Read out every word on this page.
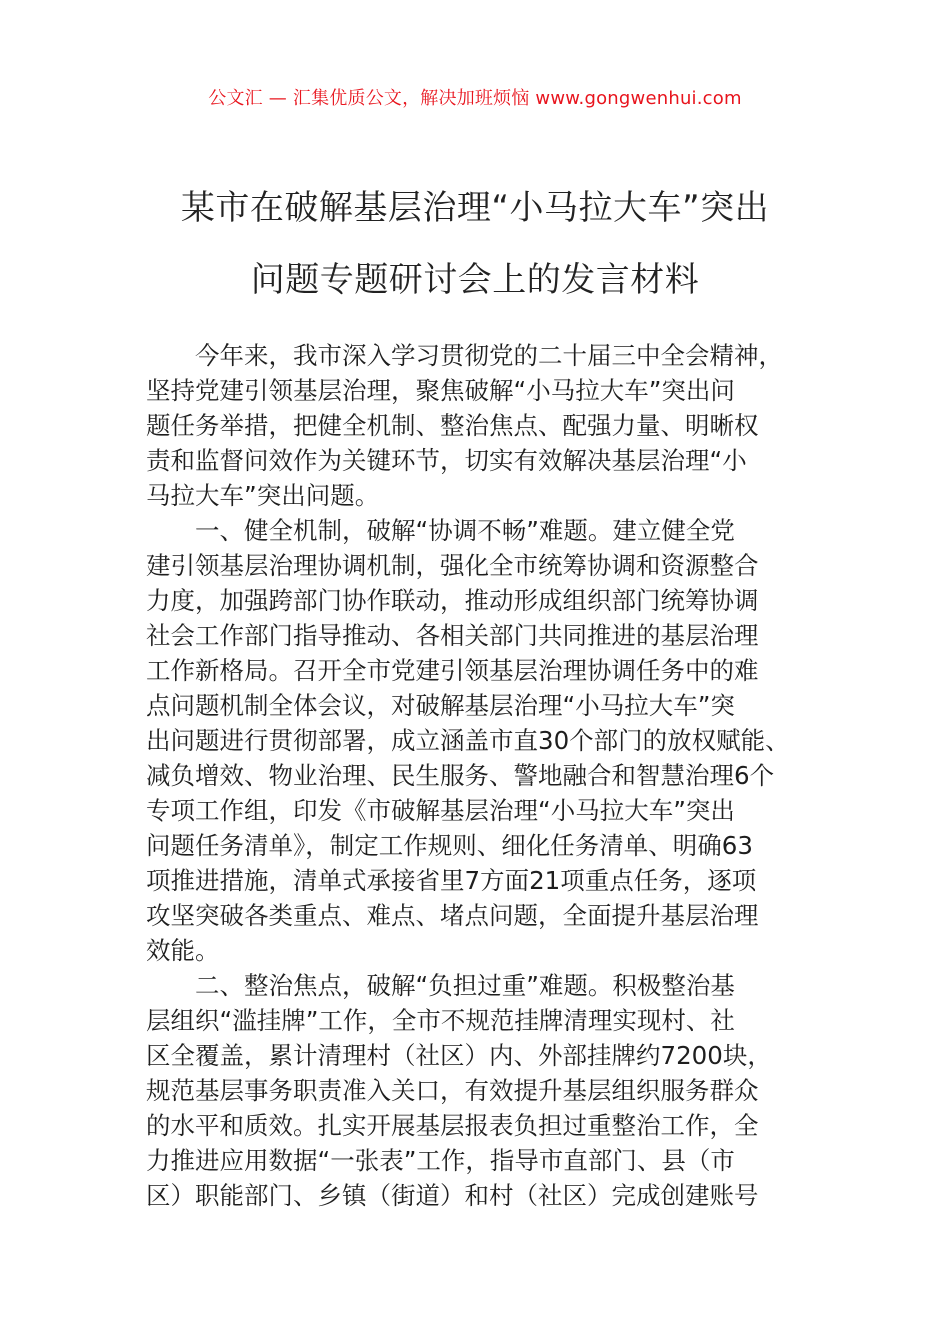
公文汇 — 汇集优质公文，解决加班烦恼 www.gongwenhui.com
某市在破解基层治理“小马拉大车”突出
问题专题研讨会上的发言材料
今年来，我市深入学习贯彻党的二十届三中全会精神，
坚持党建引领基层治理，聚焦破解“小马拉大车”突出问
题任务举措，把健全机制、整治焦点、配强力量、明晰权
责和监督问效作为关键环节，切实有效解决基层治理“小
马拉大车”突出问题。
一、健全机制，破解“协调不畅”难题。建立健全党
建引领基层治理协调机制，强化全市统筹协调和资源整合
力度，加强跨部门协作联动，推动形成组织部门统筹协调
社会工作部门指导推动、各相关部门共同推进的基层治理
工作新格局。召开全市党建引领基层治理协调任务中的难
点问题机制全体会议，对破解基层治理“小马拉大车”突
出问题进行贯彻部署，成立涵盖市直30个部门的放权赋能、
减负增效、物业治理、民生服务、警地融合和智慧治理6个
专项工作组，印发《市破解基层治理“小马拉大车”突出
问题任务清单》，制定工作规则、细化任务清单、明确63
项推进措施，清单式承接省里7方面21项重点任务，逐项
攻坚突破各类重点、难点、堵点问题，全面提升基层治理
效能。
二、整治焦点，破解“负担过重”难题。积极整治基
层组织“滥挂牌”工作，全市不规范挂牌清理实现村、社
区全覆盖，累计清理村（社区）内、外部挂牌约7200块，
规范基层事务职责准入关口，有效提升基层组织服务群众
的水平和质效。扎实开展基层报表负担过重整治工作，全
力推进应用数据“一张表”工作，指导市直部门、县（市
区）职能部门、乡镇（街道）和村（社区）完成创建账号
